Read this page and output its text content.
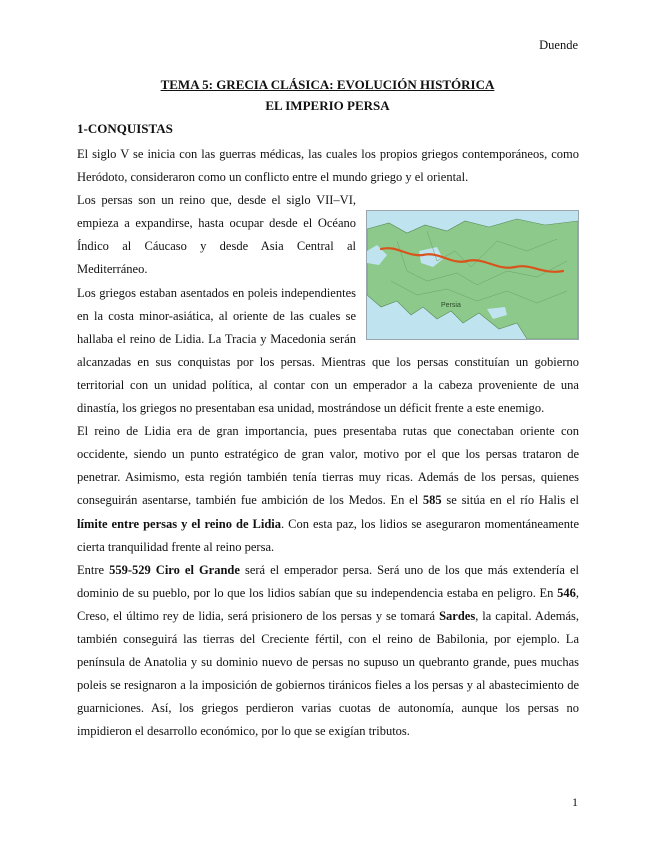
Duende
TEMA 5: GRECIA CLÁSICA: EVOLUCIÓN HISTÓRICA
EL IMPERIO PERSA
1-CONQUISTAS

El siglo V se inicia con las guerras médicas, las cuales los propios griegos contemporáneos, como Heródoto, consideraron como un conflicto entre el mundo griego y el oriental.

Persia

Los persas son un reino que, desde el siglo VII–VI, empieza a expandirse, hasta ocupar desde el Océano Índico al Cáucaso y desde Asia Central al Mediterráneo.

Los griegos estaban asentados en poleis independientes en la costa minor-asiática, al oriente de las cuales se hallaba el reino de Lidia. La Tracia y Macedonia serán alcanzadas en sus conquistas por los persas. Mientras que los persas constituían un gobierno territorial con un unidad política, al contar con un emperador a la cabeza proveniente de una dinastía, los griegos no presentaban esa unidad, mostrándose un déficit frente a este enemigo.

El reino de Lidia era de gran importancia, pues presentaba rutas que conectaban oriente con occidente, siendo un punto estratégico de gran valor, motivo por el que los persas trataron de penetrar. Asimismo, esta región también tenía tierras muy ricas. Además de los persas, quienes conseguirán asentarse, también fue ambición de los Medos. En el 585 se sitúa en el río Halis el límite entre persas y el reino de Lidia. Con esta paz, los lidios se aseguraron momentáneamente cierta tranquilidad frente al reino persa.

Entre 559-529 Ciro el Grande será el emperador persa. Será uno de los que más extendería el dominio de su pueblo, por lo que los lidios sabían que su independencia estaba en peligro. En 546, Creso, el último rey de lidia, será prisionero de los persas y se tomará Sardes, la capital. Además, también conseguirá las tierras del Creciente fértil, con el reino de Babilonia, por ejemplo. La península de Anatolia y su dominio nuevo de persas no supuso un quebranto grande, pues muchas poleis se resignaron a la imposición de gobiernos tiránicos fieles a los persas y al abastecimiento de guarniciones. Así, los griegos perdieron varias cuotas de autonomía, aunque los persas no impidieron el desarrollo económico, por lo que se exigían tributos.

1
